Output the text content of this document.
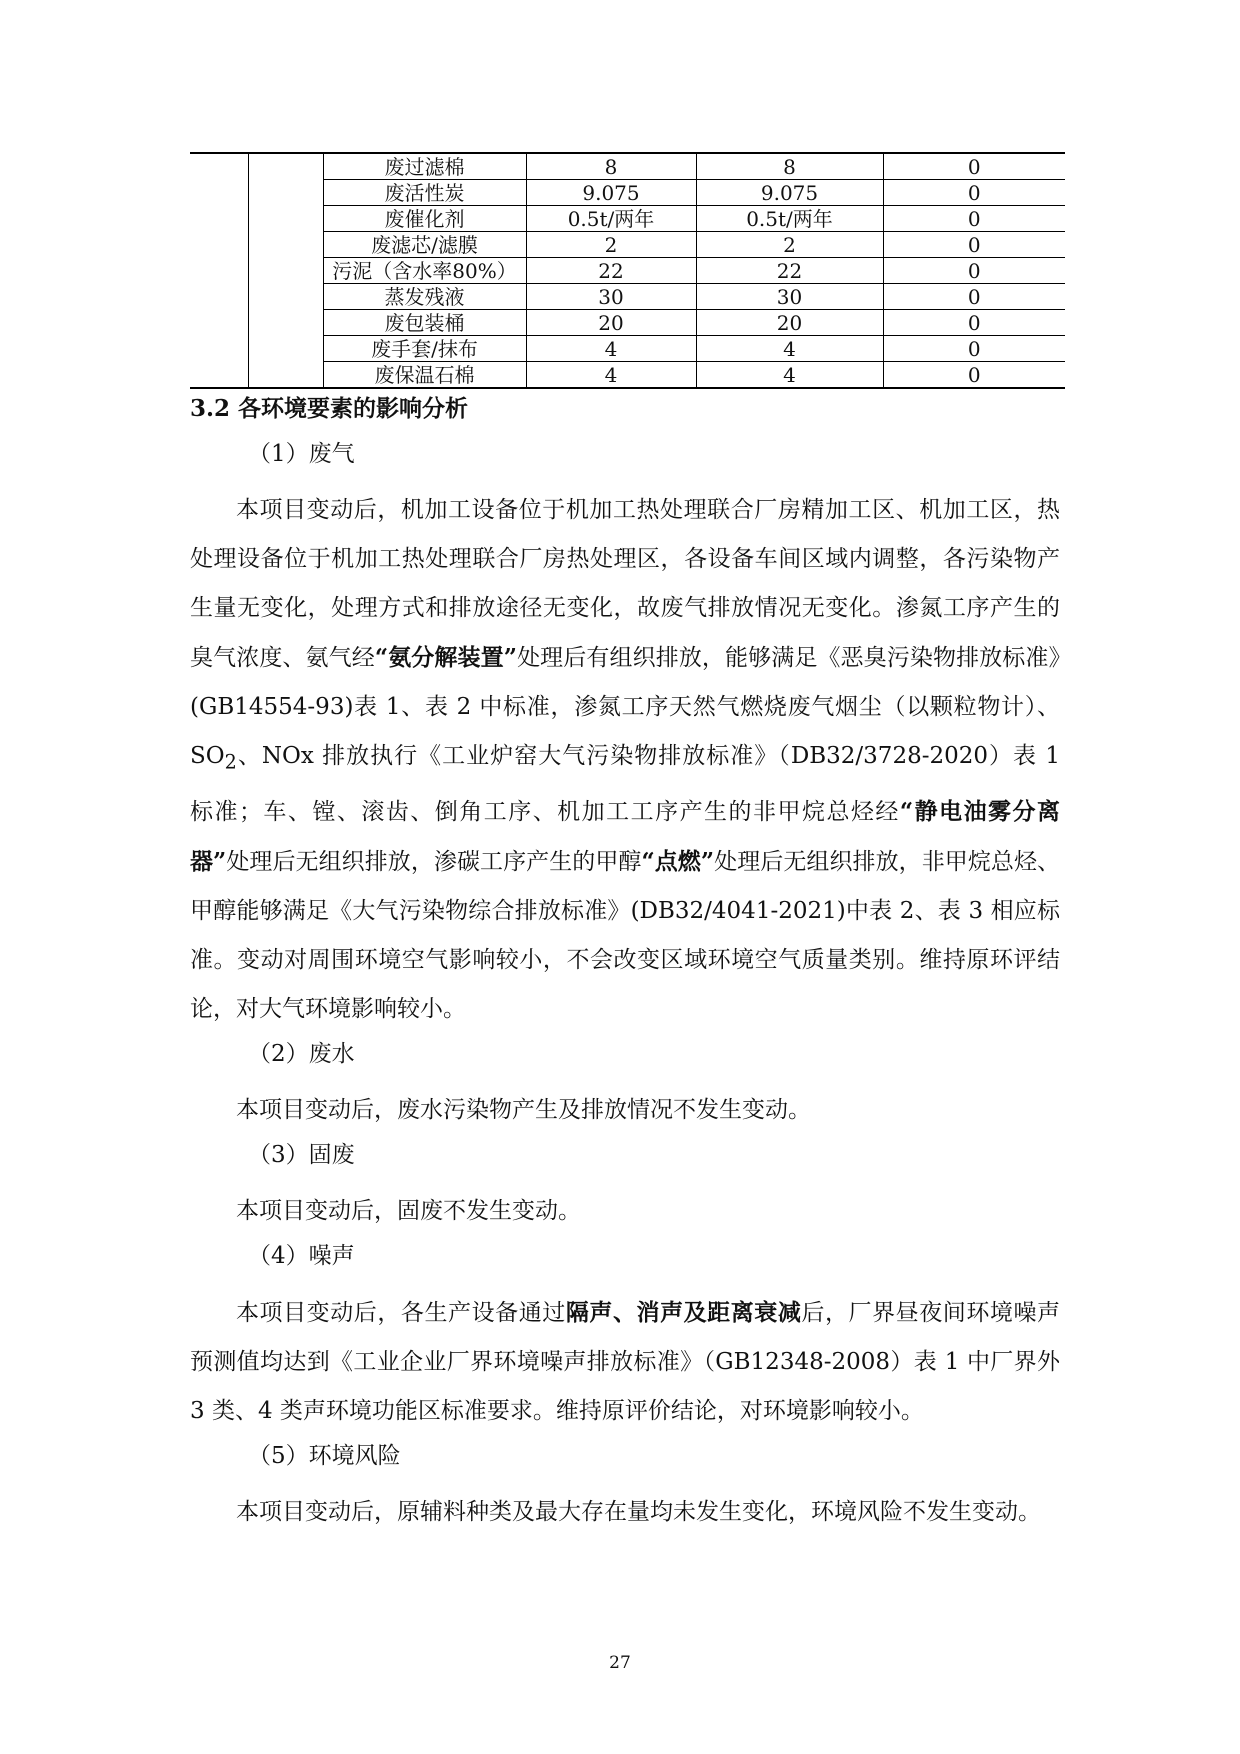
		废过滤棉	8	8	0
		废活性炭	9.075	9.075	0
		废催化剂	0.5t/两年	0.5t/两年	0
		废滤芯/滤膜	2	2	0
		污泥（含水率80%）	22	22	0
		蒸发残液	30	30	0
		废包装桶	20	20	0
		废手套/抹布	4	4	0
		废保温石棉	4	4	0
3.2 各环境要素的影响分析
（1）废气

本项目变动后，机加工设备位于机加工热处理联合厂房精加工区、机加工区，热处理设备位于机加工热处理联合厂房热处理区，各设备车间区域内调整，各污染物产生量无变化，处理方式和排放途径无变化，故废气排放情况无变化。渗氮工序产生的臭气浓度、氨气经“氨分解装置”处理后有组织排放，能够满足《恶臭污染物排放标准》(GB14554-93)表 1、表 2 中标准，渗氮工序天然气燃烧废气烟尘（以颗粒物计）、$SO_2$、NOx 排放执行《工业炉窑大气污染物排放标准》（DB32/3728-2020）表 1 标准；车、镗、滚齿、倒角工序、机加工工序产生的非甲烷总烃经“静电油雾分离器”处理后无组织排放，渗碳工序产生的甲醇“点燃”处理后无组织排放，非甲烷总烃、甲醇能够满足《大气污染物综合排放标准》(DB32/4041-2021)中表 2、表 3 相应标准。变动对周围环境空气影响较小，不会改变区域环境空气质量类别。维持原环评结论，对大气环境影响较小。

（2）废水

本项目变动后，废水污染物产生及排放情况不发生变动。

（3）固废

本项目变动后，固废不发生变动。

（4）噪声

本项目变动后，各生产设备通过隔声、消声及距离衰减后，厂界昼夜间环境噪声预测值均达到《工业企业厂界环境噪声排放标准》（GB12348-2008）表 1 中厂界外 3 类、4 类声环境功能区标准要求。维持原评价结论，对环境影响较小。

（5）环境风险

本项目变动后，原辅料种类及最大存在量均未发生变化，环境风险不发生变动。

27
